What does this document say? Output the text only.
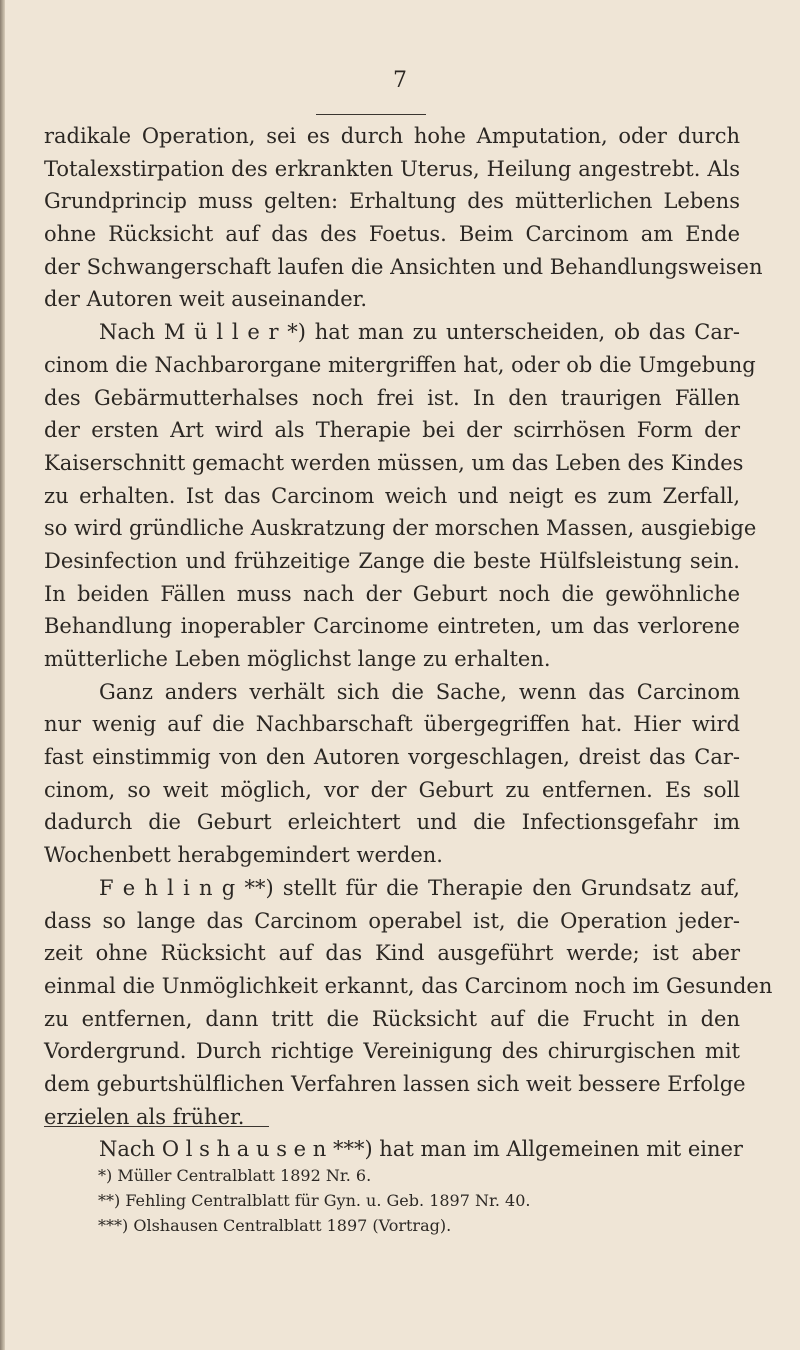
7
radikale Operation, sei es durch hohe Amputation, oder durch
Totalexstirpation des erkrankten Uterus, Heilung angestrebt. Als
Grundprincip muss gelten: Erhaltung des mütterlichen Lebens
ohne Rücksicht auf das des Foetus. Beim Carcinom am Ende
der Schwangerschaft laufen die Ansichten und Behandlungsweisen
der Autoren weit auseinander.
Nach M ü l l e r *) hat man zu unterscheiden, ob das Car-
cinom die Nachbarorgane mitergriffen hat, oder ob die Umgebung
des Gebärmutterhalses noch frei ist. In den traurigen Fällen
der ersten Art wird als Therapie bei der scirrhösen Form der
Kaiserschnitt gemacht werden müssen, um das Leben des Kindes
zu erhalten. Ist das Carcinom weich und neigt es zum Zerfall,
so wird gründliche Auskratzung der morschen Massen, ausgiebige
Desinfection und frühzeitige Zange die beste Hülfsleistung sein.
In beiden Fällen muss nach der Geburt noch die gewöhnliche
Behandlung inoperabler Carcinome eintreten, um das verlorene
mütterliche Leben möglichst lange zu erhalten.
Ganz anders verhält sich die Sache, wenn das Carcinom
nur wenig auf die Nachbarschaft übergegriffen hat. Hier wird
fast einstimmig von den Autoren vorgeschlagen, dreist das Car-
cinom, so weit möglich, vor der Geburt zu entfernen. Es soll
dadurch die Geburt erleichtert und die Infectionsgefahr im
Wochenbett herabgemindert werden.
F e h l i n g **) stellt für die Therapie den Grundsatz auf,
dass so lange das Carcinom operabel ist, die Operation jeder-
zeit ohne Rücksicht auf das Kind ausgeführt werde; ist aber
einmal die Unmöglichkeit erkannt, das Carcinom noch im Gesunden
zu entfernen, dann tritt die Rücksicht auf die Frucht in den
Vordergrund. Durch richtige Vereinigung des chirurgischen mit
dem geburtshülflichen Verfahren lassen sich weit bessere Erfolge
erzielen als früher.
Nach O l s h a u s e n ***) hat man im Allgemeinen mit einer
*) Müller Centralblatt 1892 Nr. 6.
**) Fehling Centralblatt für Gyn. u. Geb. 1897 Nr. 40.
***) Olshausen Centralblatt 1897 (Vortrag).
